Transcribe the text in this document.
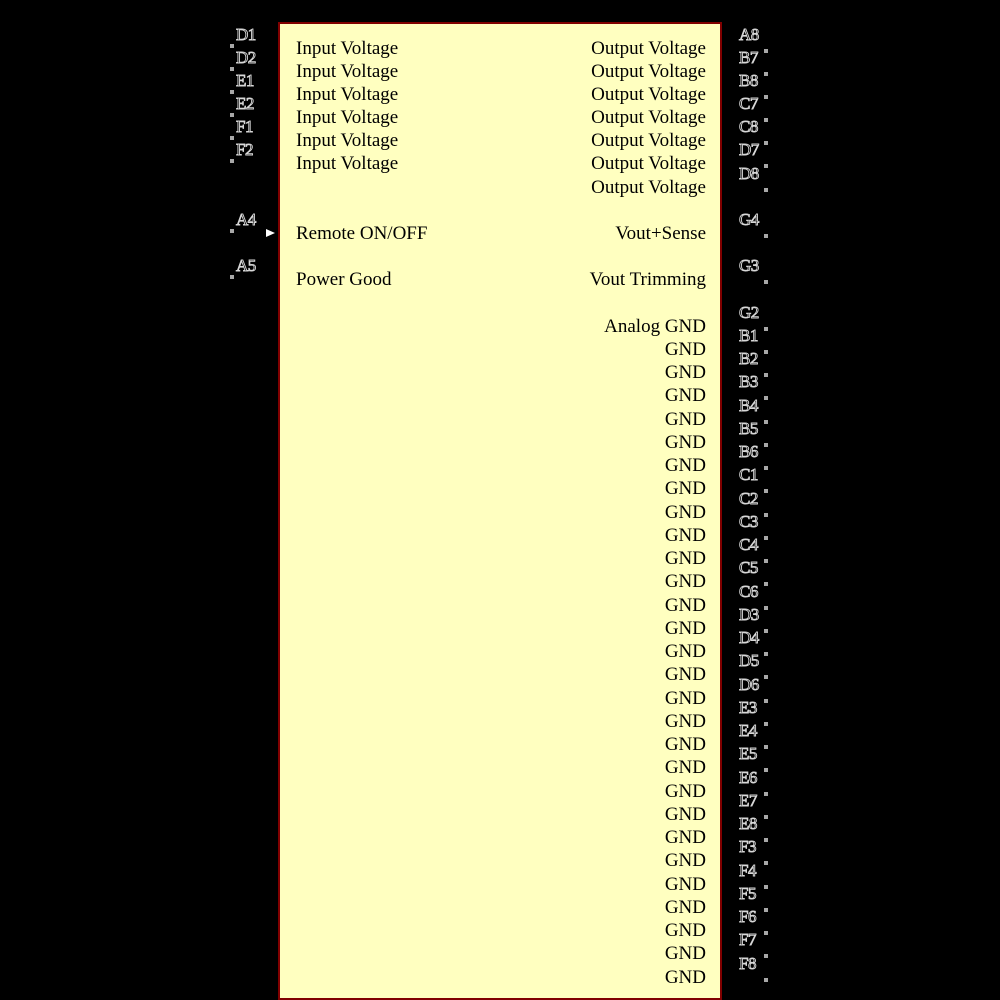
Input Voltage
Input Voltage
Input Voltage
Input Voltage
Input Voltage
Input Voltage
Remote ON/OFF
Power Good
Output Voltage
Output Voltage
Output Voltage
Output Voltage
Output Voltage
Output Voltage
Output Voltage
Vout+Sense
Vout Trimming
Analog GND
GND
GND
GND
GND
GND
GND
GND
GND
GND
GND
GND
GND
GND
GND
GND
GND
GND
GND
GND
GND
GND
GND
GND
GND
GND
GND
GND
GND
D1
D2
E1
E2
F1
F2
A4
A5
A8
B7
B8
C7
C8
D7
D8
G4
G3
G2
B1
B2
B3
B4
B5
B6
C1
C2
C3
C4
C5
C6
D3
D4
D5
D6
E3
E4
E5
E6
E7
E8
F3
F4
F5
F6
F7
F8
